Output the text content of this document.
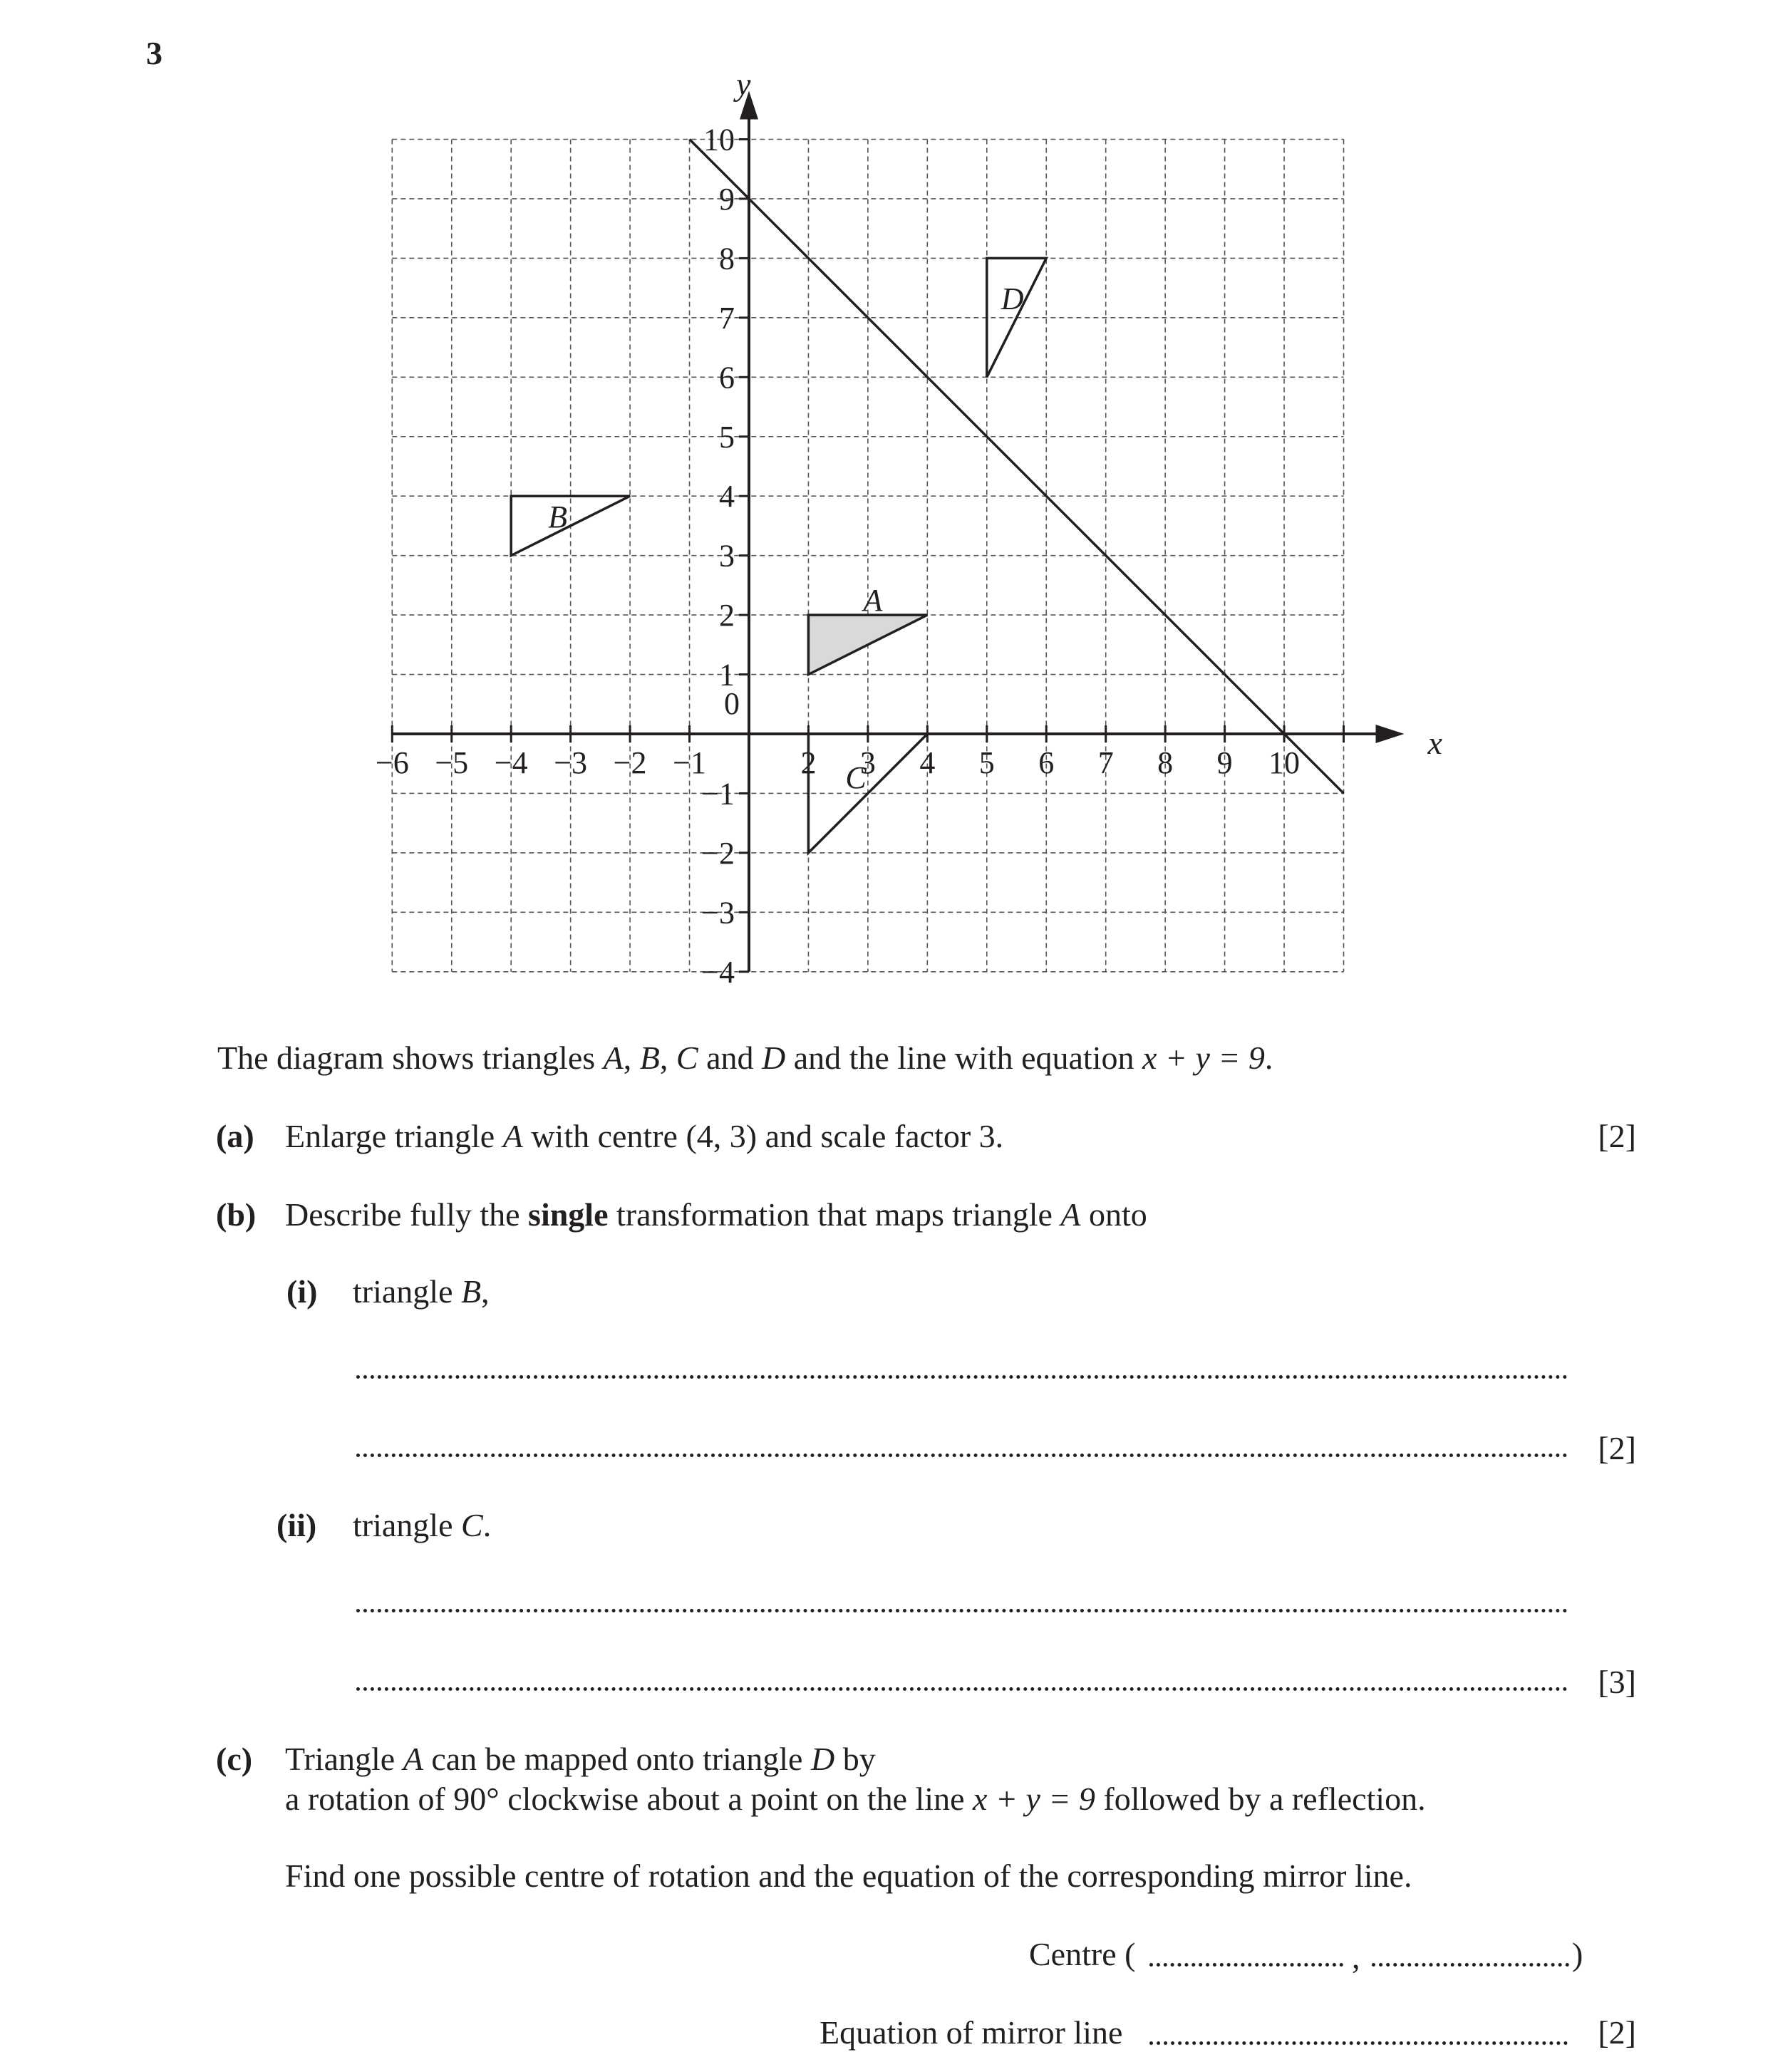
3
A
B
C
D
−6 −5 −4 −3 −2 −1	2 3 4 5 6 7 8 9 10
0
−4
−3
−2
−1
1
2
3
4
5
6
7
8
9
10
x
y
The diagram shows triangles A, B, C and D and the line with equation x + y = 9.
(a) Enlarge triangle A with centre (4, 3) and scale factor 3.	[2]
(b) Describe fully the single transformation that maps triangle A onto
(i) triangle B,
[2]
(ii) triangle C.
[3]
(c) Triangle A can be mapped onto triangle D by
a rotation of 90° clockwise about a point on the line x + y = 9 followed by a reflection.
Find one possible centre of rotation and the equation of the corresponding mirror line.
Centre (	,	)
Equation of mirror line	[2]
